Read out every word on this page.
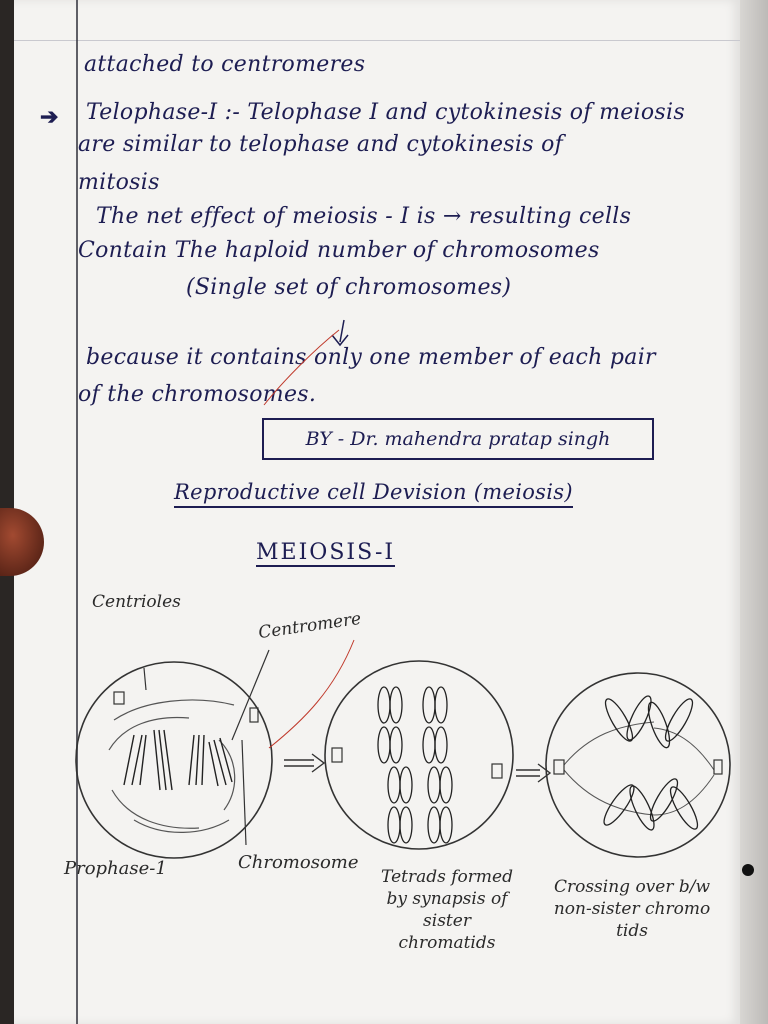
attached to centromeres
➔ Telophase-I :- Telophase I and cytokinesis of meiosis
are similar to telophase and cytokinesis of
mitosis
The net effect of meiosis - I is → resulting cells
Contain The haploid number of chromosomes
(Single set of chromosomes)
because it contains only one member of each pair
of the chromosomes.
BY - Dr. mahendra pratap singh
Reproductive cell Devision (meiosis)
MEIOSIS-I
Centrioles
Centromere
Prophase-1	Chromosome
Tetrads formed by synapsis of sister chromatids
Crossing over b/w non-sister chromo tids
